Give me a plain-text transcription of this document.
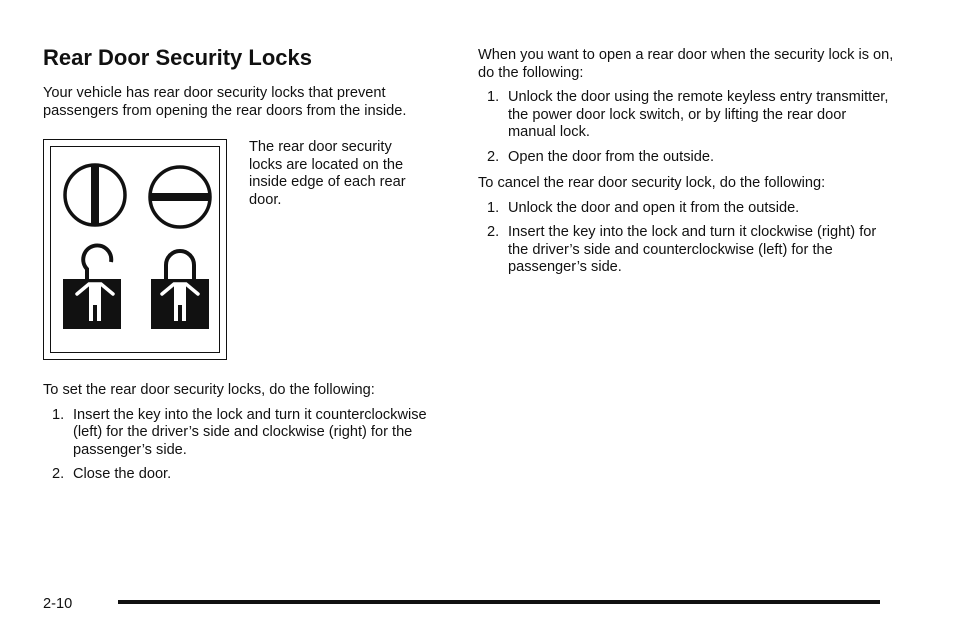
Rear Door Security Locks

Your vehicle has rear door security locks that prevent passengers from opening the rear doors from the inside.

The rear door security locks are located on the inside edge of each rear door.

To set the rear door security locks, do the following:

1. Insert the key into the lock and turn it counterclockwise (left) for the driver’s side and clockwise (right) for the passenger’s side.
2. Close the door.

When you want to open a rear door when the security lock is on, do the following:

1. Unlock the door using the remote keyless entry transmitter, the power door lock switch, or by lifting the rear door manual lock.
2. Open the door from the outside.

To cancel the rear door security lock, do the following:

1. Unlock the door and open it from the outside.
2. Insert the key into the lock and turn it clockwise (right) for the driver’s side and counterclockwise (left) for the passenger’s side.
2-10
